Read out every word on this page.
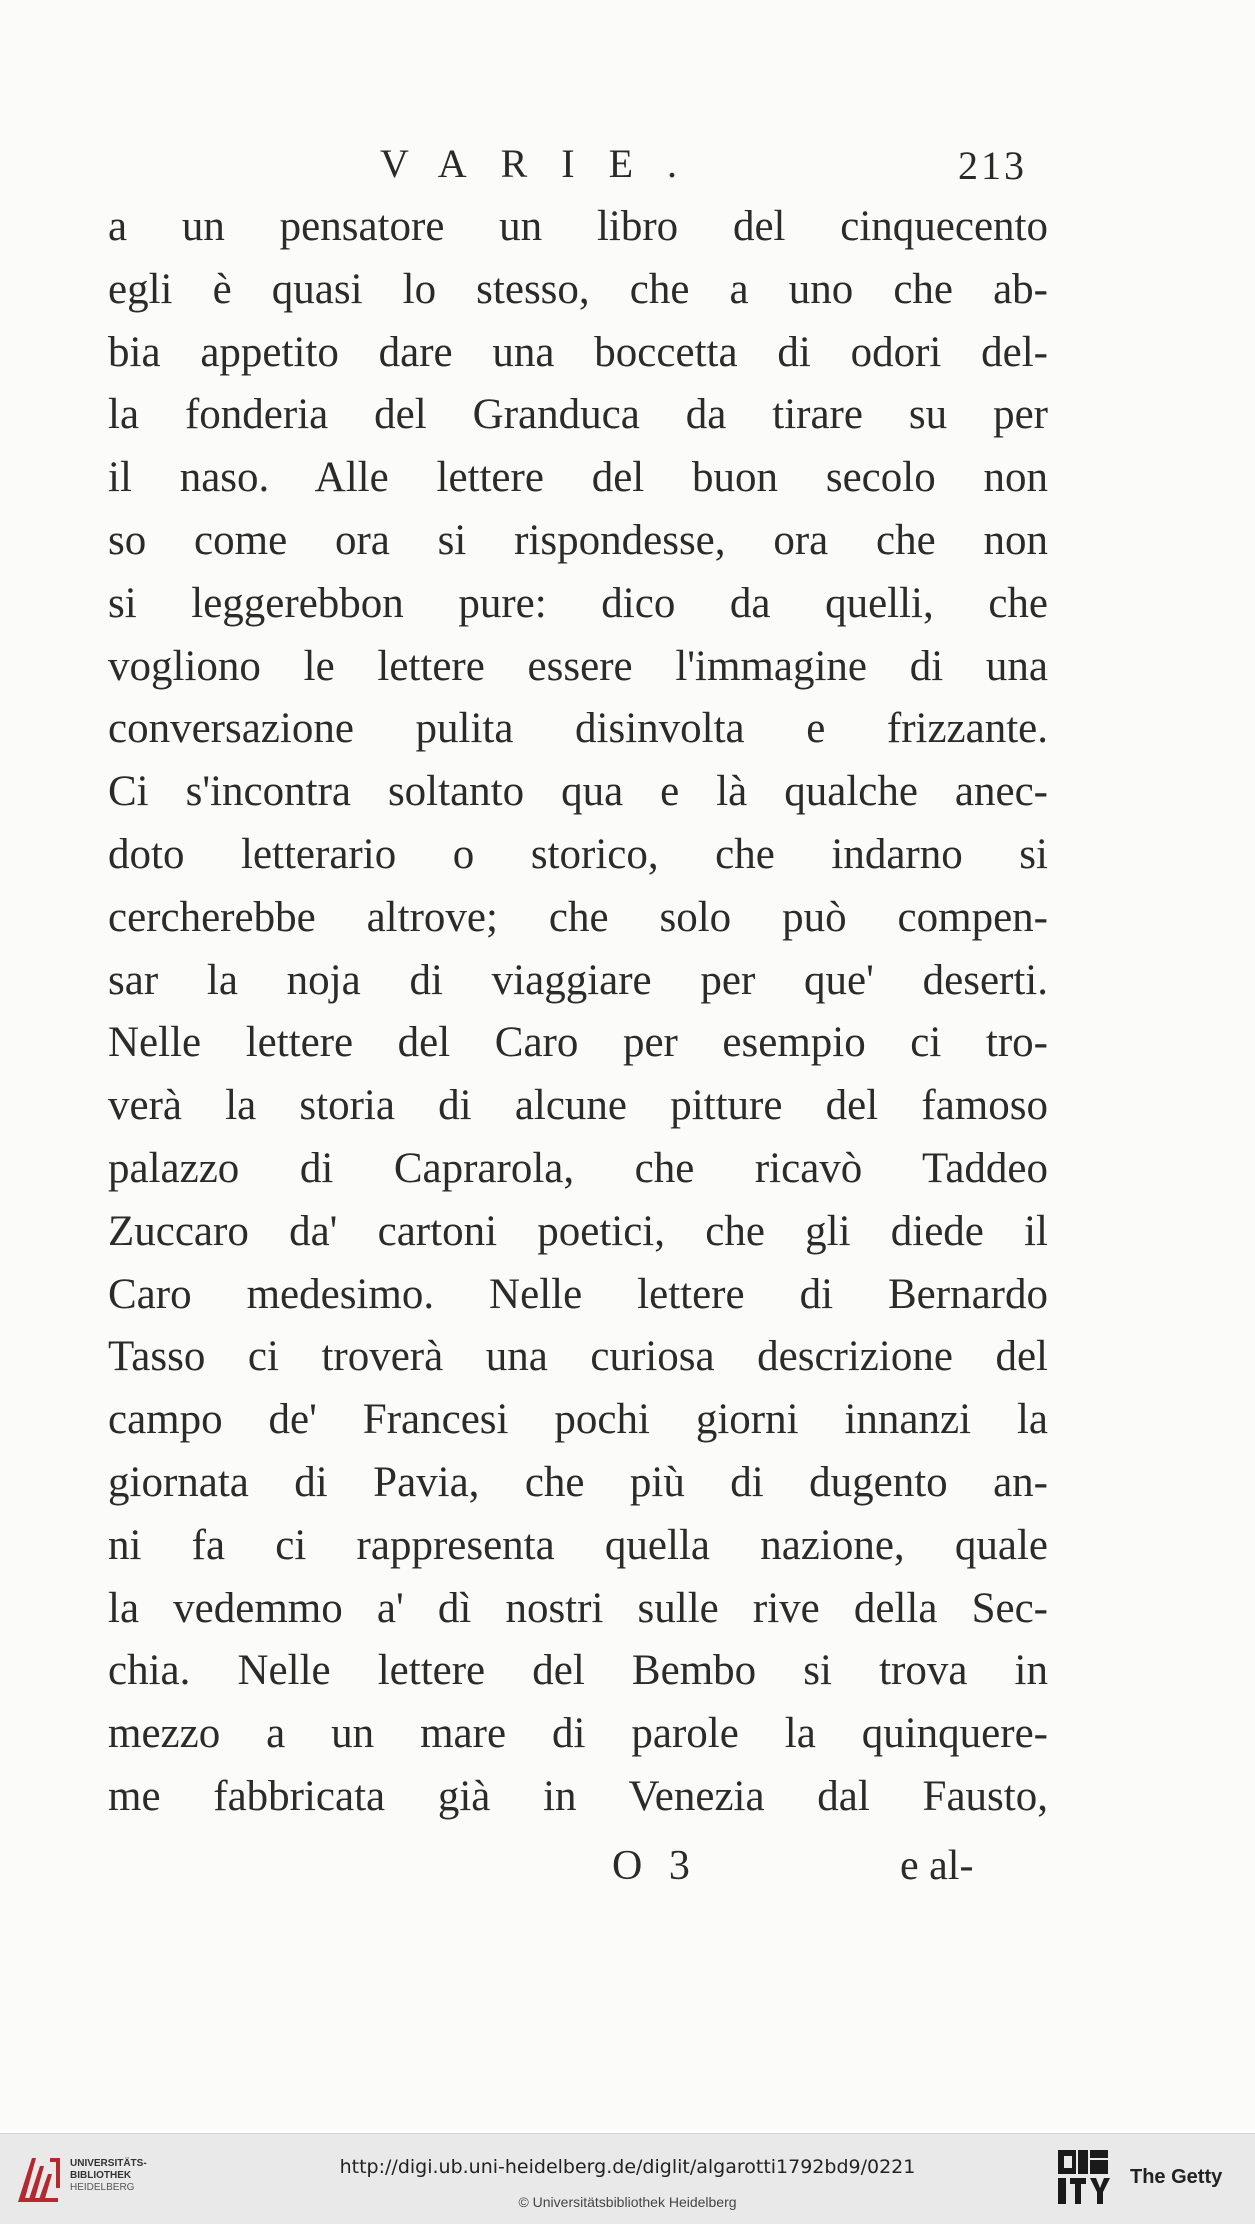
VARIE.	213
a un pensatore un libro del cinquecento
egli è quasi lo stesso, che a uno che ab-
bia appetito dare una boccetta di odori del-
la fonderia del Granduca da tirare su per
il naso. Alle lettere del buon secolo non
so come ora si rispondesse, ora che non
si leggerebbon pure: dico da quelli, che
vogliono le lettere essere l'immagine di una
conversazione pulita disinvolta e frizzante.
Ci s'incontra soltanto qua e là qualche anec-
doto letterario o storico, che indarno si
cercherebbe altrove; che solo può compen-
sar la noja di viaggiare per que' deserti.
Nelle lettere del Caro per esempio ci tro-
verà la storia di alcune pitture del famoso
palazzo di Caprarola, che ricavò Taddeo
Zuccaro da' cartoni poetici, che gli diede il
Caro medesimo. Nelle lettere di Bernardo
Tasso ci troverà una curiosa descrizione del
campo de' Francesi pochi giorni innanzi la
giornata di Pavia, che più di dugento an-
ni fa ci rappresenta quella nazione, quale
la vedemmo a' dì nostri sulle rive della Sec-
chia. Nelle lettere del Bembo si trova in
mezzo a un mare di parole la quinquere-
me fabbricata già in Venezia dal Fausto,
O 3	e al-
UNIVERSITÄTS-
BIBLIOTHEK
HEIDELBERG
http://digi.ub.uni-heidelberg.de/diglit/algarotti1792bd9/0221
© Universitätsbibliothek Heidelberg
The Getty
